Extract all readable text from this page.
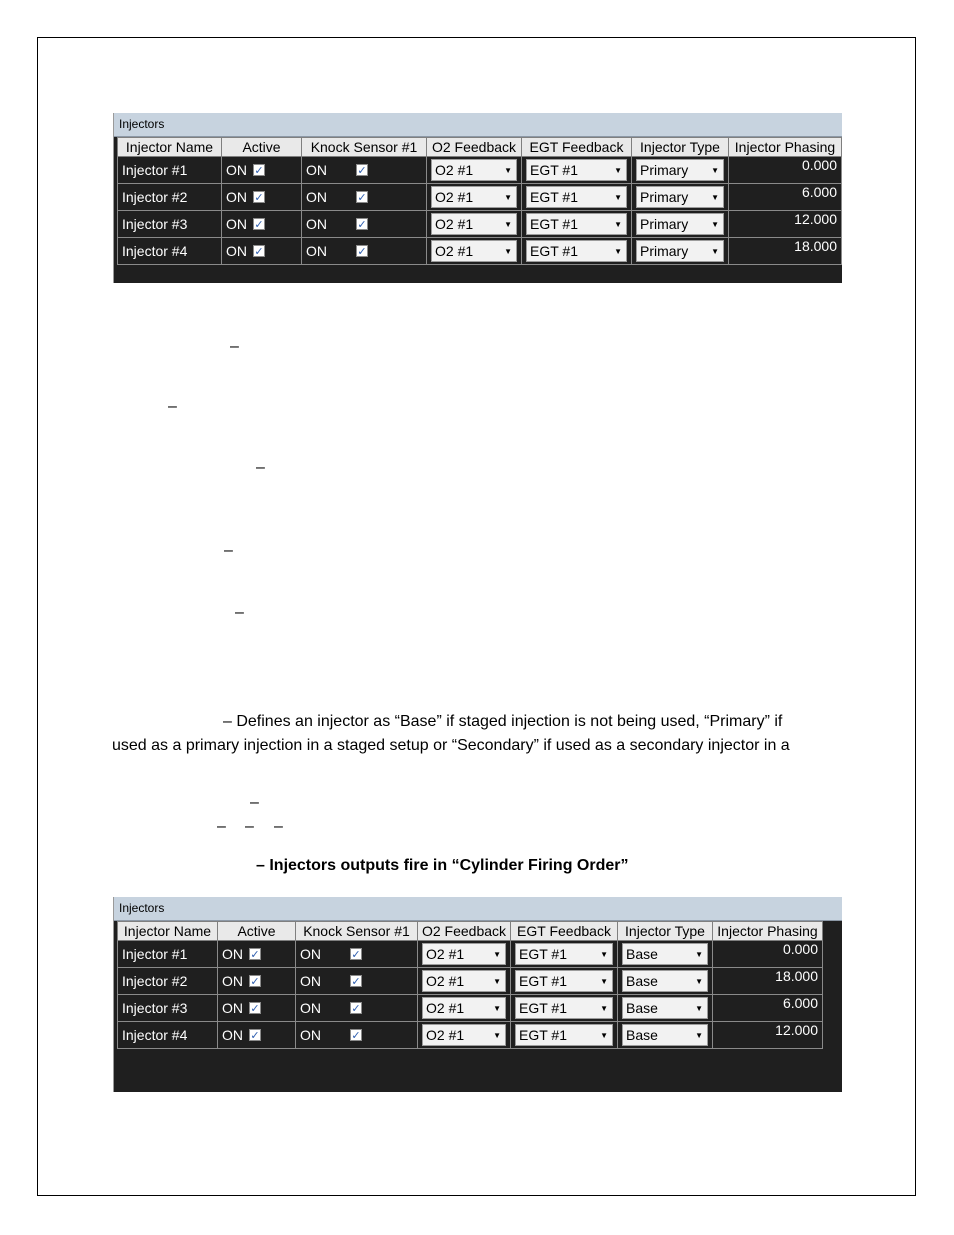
Injectors
Injector Name	Active	Knock Sensor #1	O2 Feedback	EGT Feedback	Injector Type	Injector Phasing
Injector #1	ON ✓	ON ✓	O2 #1 ▼	EGT #1 ▼	Primary ▼	0.000
Injector #2	ON ✓	ON ✓	O2 #1 ▼	EGT #1 ▼	Primary ▼	6.000
Injector #3	ON ✓	ON ✓	O2 #1 ▼	EGT #1 ▼	Primary ▼	12.000
Injector #4	ON ✓	ON ✓	O2 #1 ▼	EGT #1 ▼	Primary ▼	18.000
–
–
–
–
–
– Defines an injector as “Base” if staged injection is not being used, “Primary” if
used as a primary injection in a staged setup or “Secondary” if used as a secondary injector in a
–
– – –
– Injectors outputs fire in “Cylinder Firing Order”
Injectors
Injector Name	Active	Knock Sensor #1	O2 Feedback	EGT Feedback	Injector Type	Injector Phasing
Injector #1	ON ✓	ON ✓	O2 #1 ▼	EGT #1 ▼	Base ▼	0.000
Injector #2	ON ✓	ON ✓	O2 #1 ▼	EGT #1 ▼	Base ▼	18.000
Injector #3	ON ✓	ON ✓	O2 #1 ▼	EGT #1 ▼	Base ▼	6.000
Injector #4	ON ✓	ON ✓	O2 #1 ▼	EGT #1 ▼	Base ▼	12.000
